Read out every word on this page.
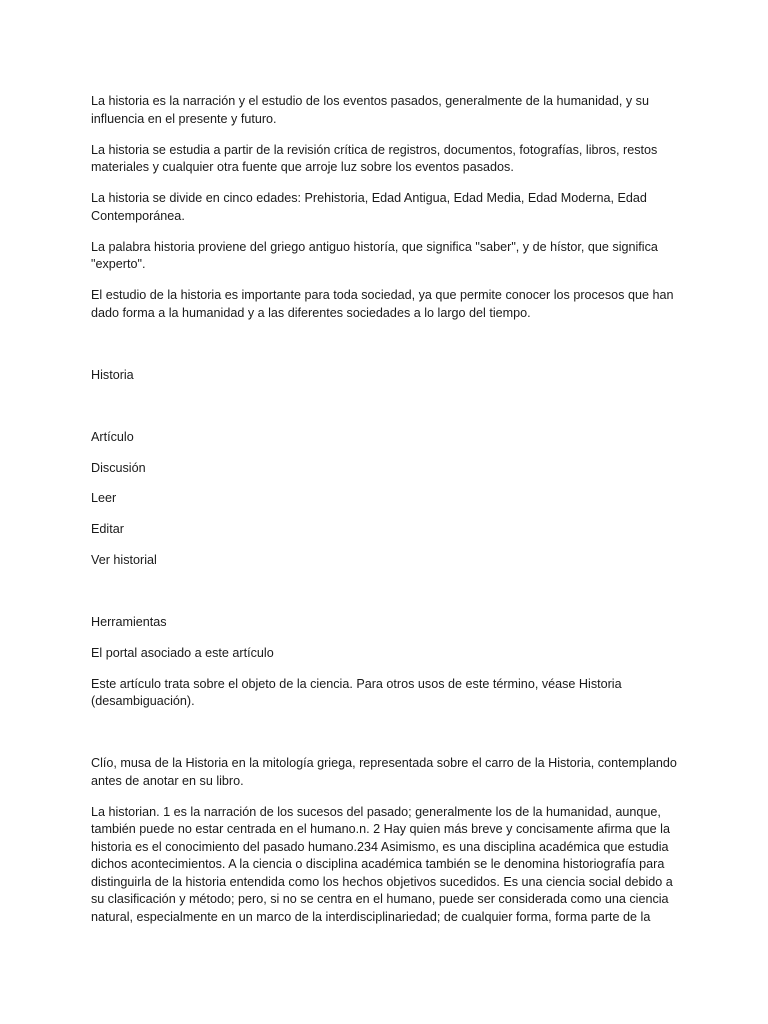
La historia es la narración y el estudio de los eventos pasados, generalmente de la humanidad, y su influencia en el presente y futuro.

La historia se estudia a partir de la revisión crítica de registros, documentos, fotografías, libros, restos materiales y cualquier otra fuente que arroje luz sobre los eventos pasados.

La historia se divide en cinco edades: Prehistoria, Edad Antigua, Edad Media, Edad Moderna, Edad Contemporánea.

La palabra historia proviene del griego antiguo historía, que significa "saber", y de hístor, que significa "experto".

El estudio de la historia es importante para toda sociedad, ya que permite conocer los procesos que han dado forma a la humanidad y a las diferentes sociedades a lo largo del tiempo.

Historia

Artículo

Discusión

Leer

Editar

Ver historial

Herramientas

El portal asociado a este artículo

Este artículo trata sobre el objeto de la ciencia. Para otros usos de este término, véase Historia (desambiguación).

Clío, musa de la Historia en la mitología griega, representada sobre el carro de la Historia, contemplando antes de anotar en su libro.

La historian. 1 es la narración de los sucesos del pasado; generalmente los de la humanidad, aunque, también puede no estar centrada en el humano.n. 2 Hay quien más breve y concisamente afirma que la historia es el conocimiento del pasado humano.234 Asimismo, es una disciplina académica que estudia dichos acontecimientos. A la ciencia o disciplina académica también se le denomina historiografía para distinguirla de la historia entendida como los hechos objetivos sucedidos. Es una ciencia social debido a su clasificación y método; pero, si no se centra en el humano, puede ser considerada como una ciencia natural, especialmente en un marco de la interdisciplinariedad; de cualquier forma, forma parte de la
